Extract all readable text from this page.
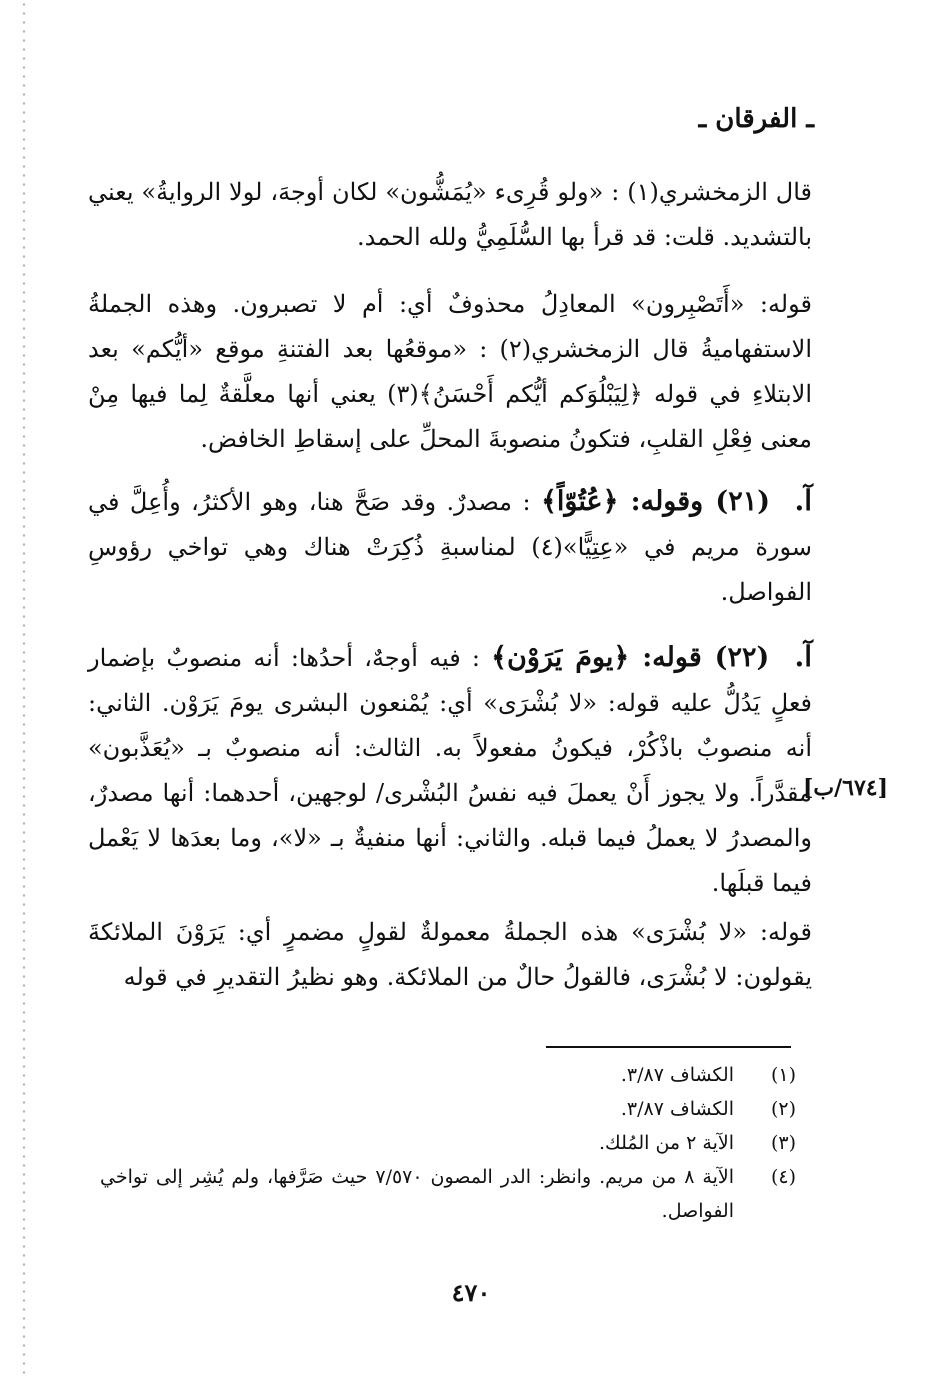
ـ الفرقان ـ

قال الزمخشري(١) : «ولو قُرِىء «يُمَشُّون» لكان أوجهَ، لولا الروايةُ» يعني بالتشديد. قلت: قد قرأ بها السُّلَمِيُّ ولله الحمد.

قوله: «أَتَصْبِرون» المعادِلُ محذوفٌ أي: أم لا تصبرون. وهذه الجملةُ الاستفهاميةُ قال الزمخشري(٢) : «موقعُها بعد الفتنةِ موقع «أيُّكم» بعد الابتلاءِ في قوله ﴿لِيَبْلُوَكم أيُّكم أَحْسَنُ﴾(٣) يعني أنها معلَّقةٌ لِما فيها مِنْ معنى فِعْلِ القلبِ، فتكونُ منصوبةَ المحلِّ على إسقاطِ الخافض.

آ. (٢١) وقوله: ﴿عُتُوّاً﴾ : مصدرٌ. وقد صَحَّ هنا، وهو الأكثرُ، وأُعِلَّ في سورة مريم في «عِتِيًّا»(٤) لمناسبةِ ذُكِرَتْ هناك وهي تواخي رؤوسِ الفواصل.

آ. (٢٢) قوله: ﴿يومَ يَرَوْن﴾ : فيه أوجهٌ، أحدُها: أنه منصوبٌ بإضمار فعلٍ يَدُلُّ عليه قوله: «لا بُشْرَى» أي: يُمْنعون البشرى يومَ يَرَوْن. الثاني: أنه منصوبٌ باذْكُرْ، فيكونُ مفعولاً به. الثالث: أنه منصوبٌ بـ «يُعَذَّبون» مقدَّراً. ولا يجوز أَنْ يعملَ فيه نفسُ البُشْرى/ لوجهين، أحدهما: أنها مصدرٌ، والمصدرُ لا يعملُ فيما قبله. والثاني: أنها منفيةٌ بـ «لا»، وما بعدَها لا يَعْمل فيما قبلَها.

[٦٧٤/ب]

قوله: «لا بُشْرَى» هذه الجملةُ معمولةٌ لقولٍ مضمرٍ أي: يَرَوْنَ الملائكةَ يقولون: لا بُشْرَى، فالقولُ حالٌ من الملائكة. وهو نظيرُ التقديرِ في قوله

(١)
الكشاف ٣/٨٧.
(٢)
الكشاف ٣/٨٧.
(٣)
الآية ٢ من المُلك.
(٤)
الآية ٨ من مريم. وانظر: الدر المصون ٧/٥٧٠ حيث صَرَّفها، ولم يُشِر إلى تواخي الفواصل.
٤٧٠
